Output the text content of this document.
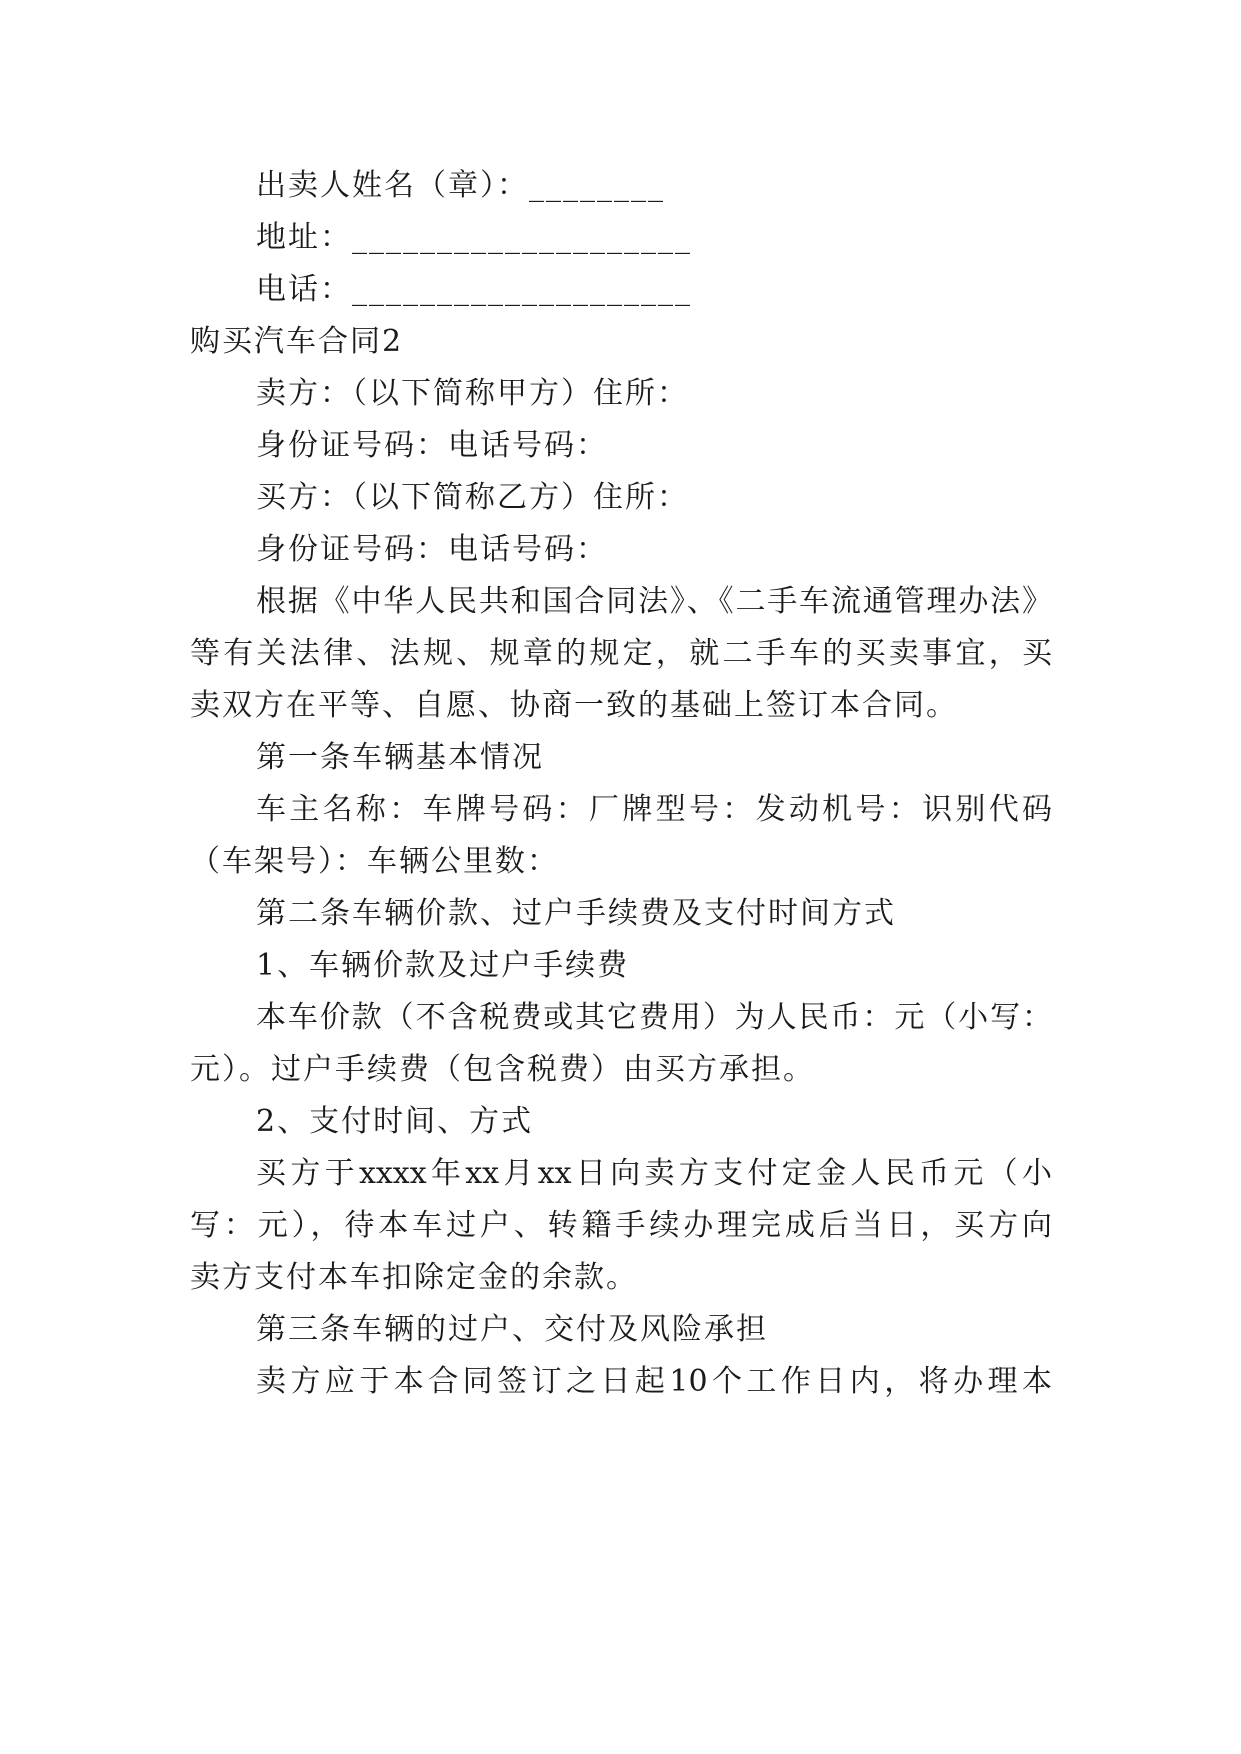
出卖人姓名（章）：________
地址：____________________
电话：____________________
购买汽车合同2
卖方：（以下简称甲方）住所：
身份证号码：电话号码：
买方：（以下简称乙方）住所：
身份证号码：电话号码：
根据《中华人民共和国合同法》、《二手车流通管理办法》
等有关法律、法规、规章的规定，就二手车的买卖事宜，买
卖双方在平等、自愿、协商一致的基础上签订本合同。
第一条车辆基本情况
车主名称：车牌号码：厂牌型号：发动机号：识别代码
（车架号）：车辆公里数：
第二条车辆价款、过户手续费及支付时间方式
1、车辆价款及过户手续费
本车价款（不含税费或其它费用）为人民币：元（小写：
元）。过户手续费（包含税费）由买方承担。
2、支付时间、方式
买方于xxxx年xx月xx日向卖方支付定金人民币元（小
写：元），待本车过户、转籍手续办理完成后当日，买方向
卖方支付本车扣除定金的余款。
第三条车辆的过户、交付及风险承担
卖方应于本合同签订之日起10个工作日内，将办理本
